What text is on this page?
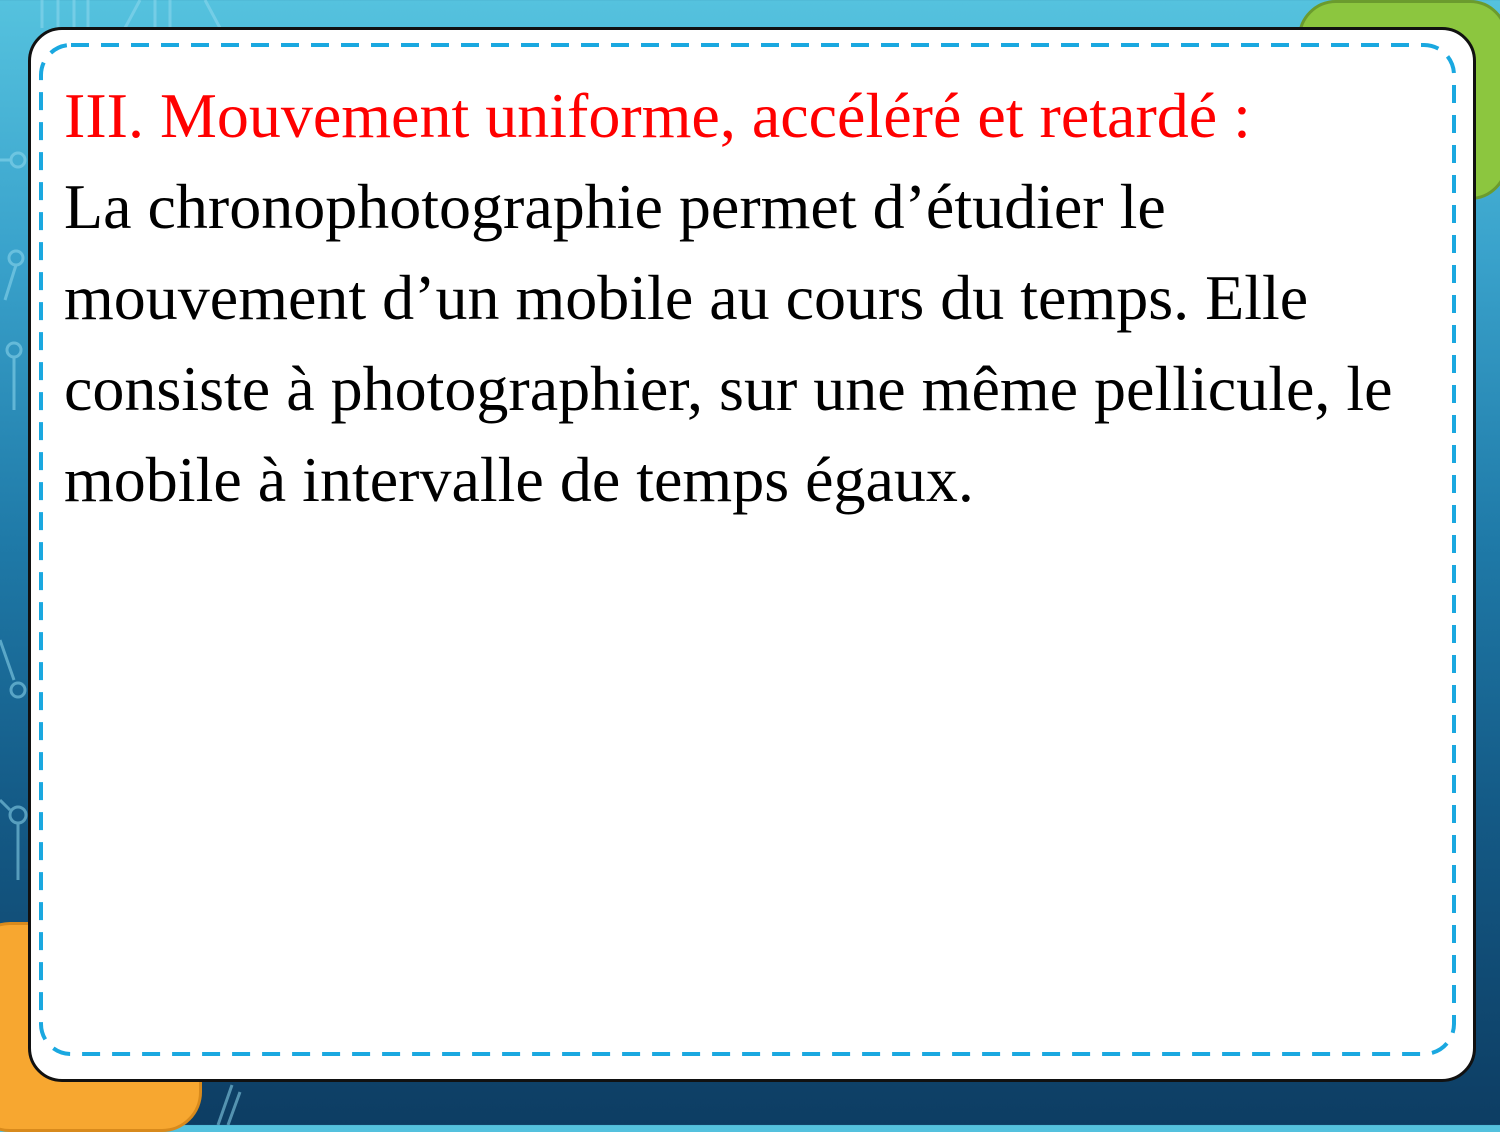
III. Mouvement uniforme, accéléré et retardé :

La chronophotographie permet d’étudier le mouvement d’un mobile au cours du temps. Elle consiste à photographier, sur une même pellicule, le mobile à intervalle de temps égaux.
